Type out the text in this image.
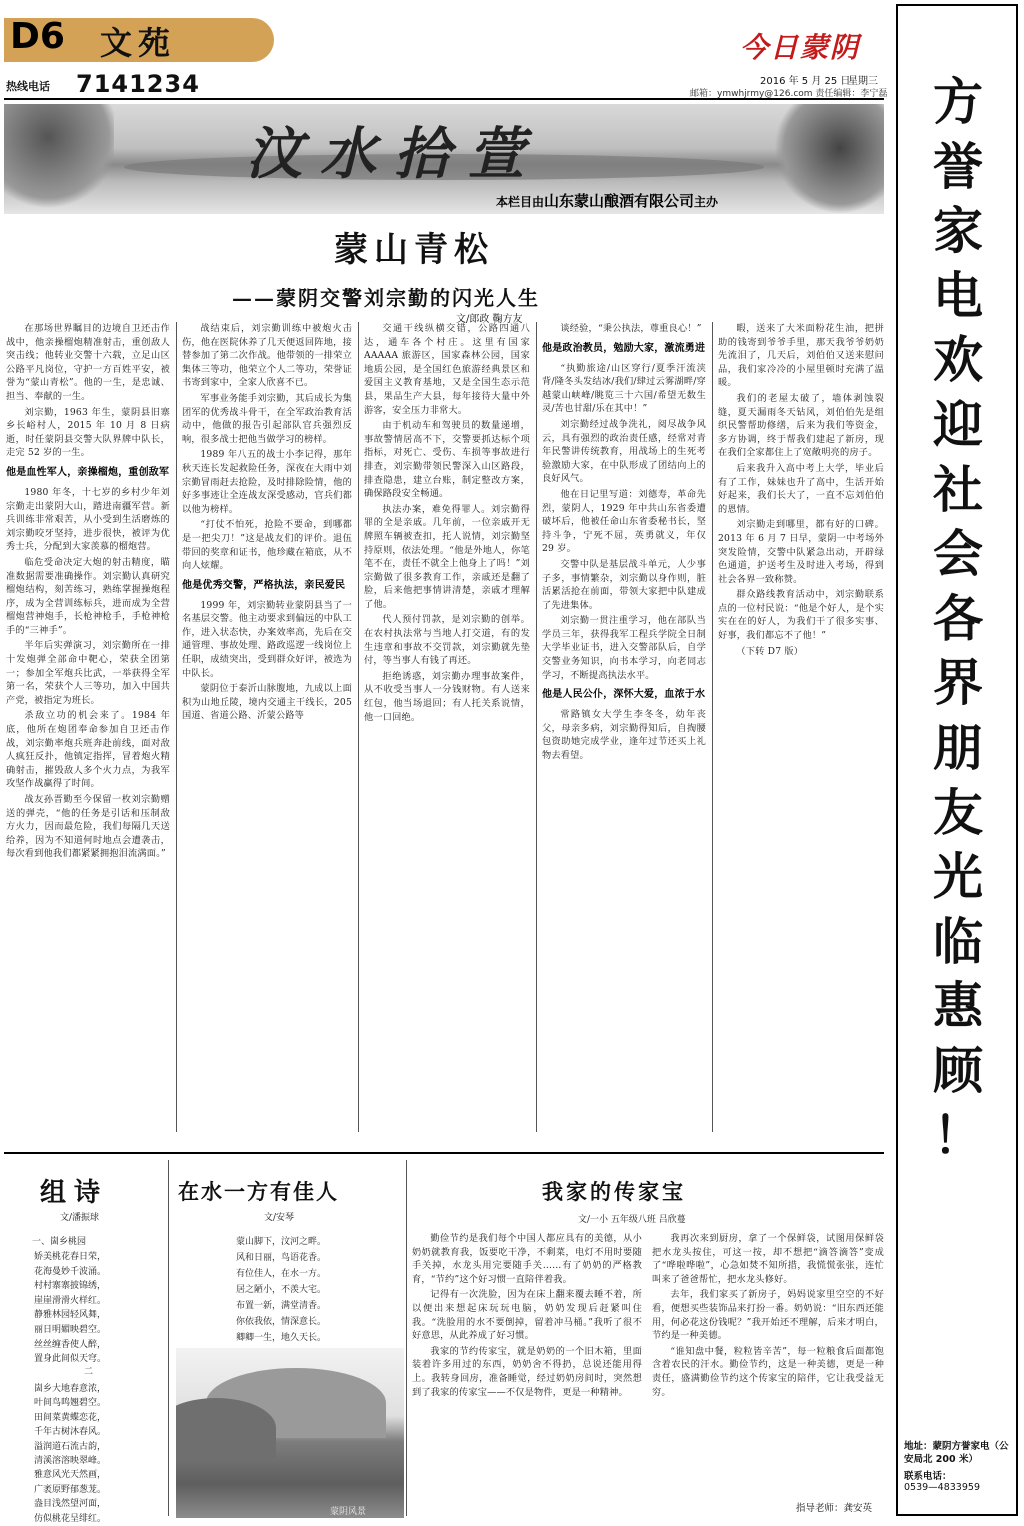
D6 文苑
热线电话 7141234
今日蒙阴
2016 年 5 月 25 日
星期三
邮箱：ymwhjrmy@126.com 责任编辑：李宁磊
汶水拾萱
本栏目由山东蒙山酿酒有限公司主办
蒙山青松
——蒙阴交警刘宗勤的闪光人生
文/郎政 鞠方友

在那场世界瞩目的边境自卫还击作战中，他亲操榴炮精准射击，重创敌人突击线；他转业交警十六载，立足山区公路平凡岗位，守护一方百姓平安，被誉为“蒙山青松”。他的一生，是忠诚、担当、奉献的一生。

刘宗勤，1963 年生，蒙阴县旧寨乡长峪村人，2015 年 10 月 8 日病逝，时任蒙阴县交警大队界牌中队长，走完 52 岁的一生。

他是血性军人，亲操榴炮，重创敌军

1980 年冬，十七岁的乡村少年刘宗勤走出蒙阴大山，踏进南疆军营。新兵训练非常艰苦，从小受到生活磨炼的刘宗勤咬牙坚持，进步很快，被评为优秀士兵，分配到大家羡慕的榴炮营。

临危受命决定大炮的射击精度，瞄准数据需要准确操作。刘宗勤认真研究榴炮结构，刻苦练习，熟练掌握操炮程序，成为全营训练标兵，进而成为全营榴炮营神炮手，长枪神枪手，手枪神枪手的“三神手”。

半年后实弹演习，刘宗勤所在一排十发炮弹全部命中靶心，荣获全团第一；参加全军炮兵比武，一举获得全军第一名，荣获个人三等功，加入中国共产党，被指定为班长。

杀敌立功的机会来了。1984 年底，他所在炮团奉命参加自卫还击作战，刘宗勤率炮兵班奔赴前线，面对敌人疯狂反扑，他镇定指挥，冒着炮火精确射击，摧毁敌人多个火力点，为我军攻坚作战赢得了时间。

战友孙晋勤至今保留一枚刘宗勤赠送的弹壳，“他的任务是引话和压制敌方火力，因而最危险，我们每隔几天送给养，因为不知道何时地点会遭袭击，每次看到他我们都紧紧拥抱泪流满面。”

战结束后，刘宗勤训练中被炮火击伤，他在医院休养了几天便返回阵地，接替参加了第二次作战。他带领的一排荣立集体三等功，他荣立个人二等功，荣誉证书寄到家中，全家人欣喜不已。

军事业务能手刘宗勤，其后成长为集团军的优秀战斗骨干，在全军政治教育活动中，他做的报告引起部队官兵强烈反响，很多战士把他当做学习的榜样。

1989 年八五的战士小李记得，那年秋天连长发起救险任务，深夜在大雨中刘宗勤冒雨赶去抢险，及时排除险情，他的好多事迹让全连战友深受感动，官兵们都以他为榜样。

“打仗不怕死，抢险不要命，到哪都是一把尖刀！”这是战友们的评价。退伍带回的奖章和证书，他珍藏在箱底，从不向人炫耀。

他是优秀交警，严格执法，亲民爱民

1999 年，刘宗勤转业蒙阴县当了一名基层交警。他主动要求到偏远的中队工作，进入状态快，办案效率高，先后在交通管理、事故处理、路政巡逻一线岗位上任职，成绩突出，受到群众好评，被选为中队长。

蒙阴位于泰沂山脉腹地，九成以上面积为山地丘陵，境内交通主干线长，205 国道、省道公路、沂蒙公路等

交通干线纵横交错，公路四通八达，通车各个村庄。这里有国家 AAAAA 旅游区，国家森林公园，国家地质公园，是全国红色旅游经典景区和爱国主义教育基地，又是全国生态示范县，果品生产大县，每年接待大量中外游客，安全压力非常大。

由于机动车和驾驶员的数量递增，事故警情居高不下，交警要抓达标个项指标，对死亡、受伤、车损等事故进行排查，刘宗勤带领民警深入山区路段，排查隐患，建立台账，制定整改方案，确保路段安全畅通。

执法办案，难免得罪人。刘宗勤得罪的全是亲戚。几年前，一位亲戚开无牌照车辆被查扣，托人说情，刘宗勤坚持原则，依法处理。“他是外地人，你笔笔不在，责任不就全上他身上了吗！”刘宗勤做了很多教育工作，亲戚还是翻了脸，后来他把事情讲清楚，亲戚才理解了他。

代人预付罚款，是刘宗勤的创举。在农村执法常与当地人打交道，有的发生违章和事故不交罚款，刘宗勤就先垫付，等当事人有钱了再还。

拒绝诱惑，刘宗勤办理事故案件，从不收受当事人一分钱财物。有人送来红包，他当场退回；有人托关系说情，他一口回绝。

谈经验，“秉公执法，尊重良心！”

他是政治教员，勉励大家，激流勇进

“执勤旅途/山区穿行/夏季汗流浃背/隆冬头发结冰/我们/肆过云雾湖畔/穿越蒙山峡峰/眺览三十六国/希望无数生灵/苦也甘甜/乐在其中！”

刘宗勤经过战争洗礼，阅尽战争风云，具有强烈的政治责任感，经常对青年民警讲传统教育，用战场上的生死考验激励大家，在中队形成了团结向上的良好风气。

他在日记里写道：刘德寿，革命先烈，蒙阴人，1929 年中共山东省委遭破坏后，他被任命山东省委秘书长，坚持斗争，宁死不屈，英勇就义，年仅 29 岁。

交警中队是基层战斗单元，人少事子多，事情繁杂，刘宗勤以身作则，脏活累活抢在前面，带领大家把中队建成了先进集体。

刘宗勤一贯注重学习，他在部队当学员三年，获得我军工程兵学院全日制大学毕业证书，进入交警部队后，自学交警业务知识，向书本学习，向老同志学习，不断提高执法水平。

他是人民公仆，深怀大爱，血浓于水

常路镇女大学生李冬冬，幼年丧父，母亲多病，刘宗勤得知后，自掏腰包资助她完成学业，逢年过节还买上礼物去看望。

暇，送来了大米面粉花生油，把拼助的钱寄到爷爷手里，那天我爷爷奶奶先流泪了，几天后，刘伯伯又送来慰问品，我们家冷冷的小屋里顿时充满了温暖。

我们的老屋太破了，墙体剥蚀裂缝，夏天漏雨冬天钻风，刘伯伯先是组织民警帮助修缮，后来为我们等资金，多方协调，终于帮我们建起了新房，现在我们全家都住上了宽敞明亮的房子。

后来我升入高中考上大学，毕业后有了工作，妹妹也升了高中，生活开始好起来，我们长大了，一直不忘刘伯伯的恩情。

刘宗勤走到哪里，都有好的口碑。2013 年 6 月 7 日早，蒙阴一中考场外突发险情，交警中队紧急出动，开辟绿色通道，护送考生及时进入考场，得到社会各界一致称赞。

群众路线教育活动中，刘宗勤联系点的一位村民说：“他是个好人，是个实实在在的好人，为我们干了很多实事、好事，我们都忘不了他！”

（下转 D7 版）

组诗
文/潘振球
一、崮乡桃园
娇美桃花春日荣，
花海曼妙千波涌。
村村寨寨披锦绣，
崖崖滑滑火样红。
静雅林园轻风舞，
丽日明媚映碧空。
丝丝缠香使人醉，
置身此间似天穹。
二
崮乡大地春意浓，
叶间鸟鸣翘碧空。
田间菜黄蝶恋花，
千年古树沐春风。
溢润道石流古韵，
清溪溶溶映翠峰。
雅意风光天然画，
广袤原野郁葱茏。
盎目浅然望河面，
仿似桃花呈绯红。
在水一方有佳人
文/安琴
蒙山脚下，汶河之畔。
风和日丽，鸟语花香。
有位佳人，在水一方。
居之陋小，不羡大宅。
布置一新，满堂清香。
你依我依，情深意长。
卿卿一生，地久天长。
蒙阴风景
我家的传家宝
文/一小 五年级八班 吕欣蔓

勤俭节约是我们每个中国人都应具有的美德，从小奶奶就教育我，饭要吃干净，不剩菜，电灯不用时要随手关掉，水龙头用完要随手关……有了奶奶的严格教育，“节约”这个好习惯一直陪伴着我。

记得有一次洗脸，因为在床上翻来覆去睡不着，所以便出来想起床玩玩电脑，奶奶发现后赶紧叫住我。“洗脸用的水不要倒掉，留着冲马桶。”我听了很不好意思，从此养成了好习惯。

我家的节约传家宝，就是奶奶的一个旧木箱，里面装着许多用过的东西，奶奶舍不得扔，总说还能用得上。我转身回房，准备睡觉，经过奶奶房间时，突然想到了我家的传家宝——不仅是物件，更是一种精神。

我再次来到厨房，拿了一个保鲜袋，试图用保鲜袋把水龙头按住，可这一按，却不想把“滴答滴答”变成了“哗啦哗啦”，心急如焚不知所措，我慌慌张张，连忙叫来了爸爸帮忙，把水龙头修好。

去年，我们家买了新房子，妈妈说家里空空的不好看，便想买些装饰品来打扮一番。奶奶说：“旧东西还能用，何必花这份钱呢？”我开始还不理解，后来才明白，节约是一种美德。

“谁知盘中餐，粒粒皆辛苦”，每一粒粮食后面都饱含着农民的汗水。勤俭节约，这是一种美德，更是一种责任，盛满勤俭节约这个传家宝的陪伴，它让我受益无穷。

指导老师：龚安英
方
誉
家
电
欢
迎
社
会
各
界
朋
友
光
临
惠
顾
！
地址：蒙阴方誉家电（公安局北 200 米）
联系电话：
0539—4833959
